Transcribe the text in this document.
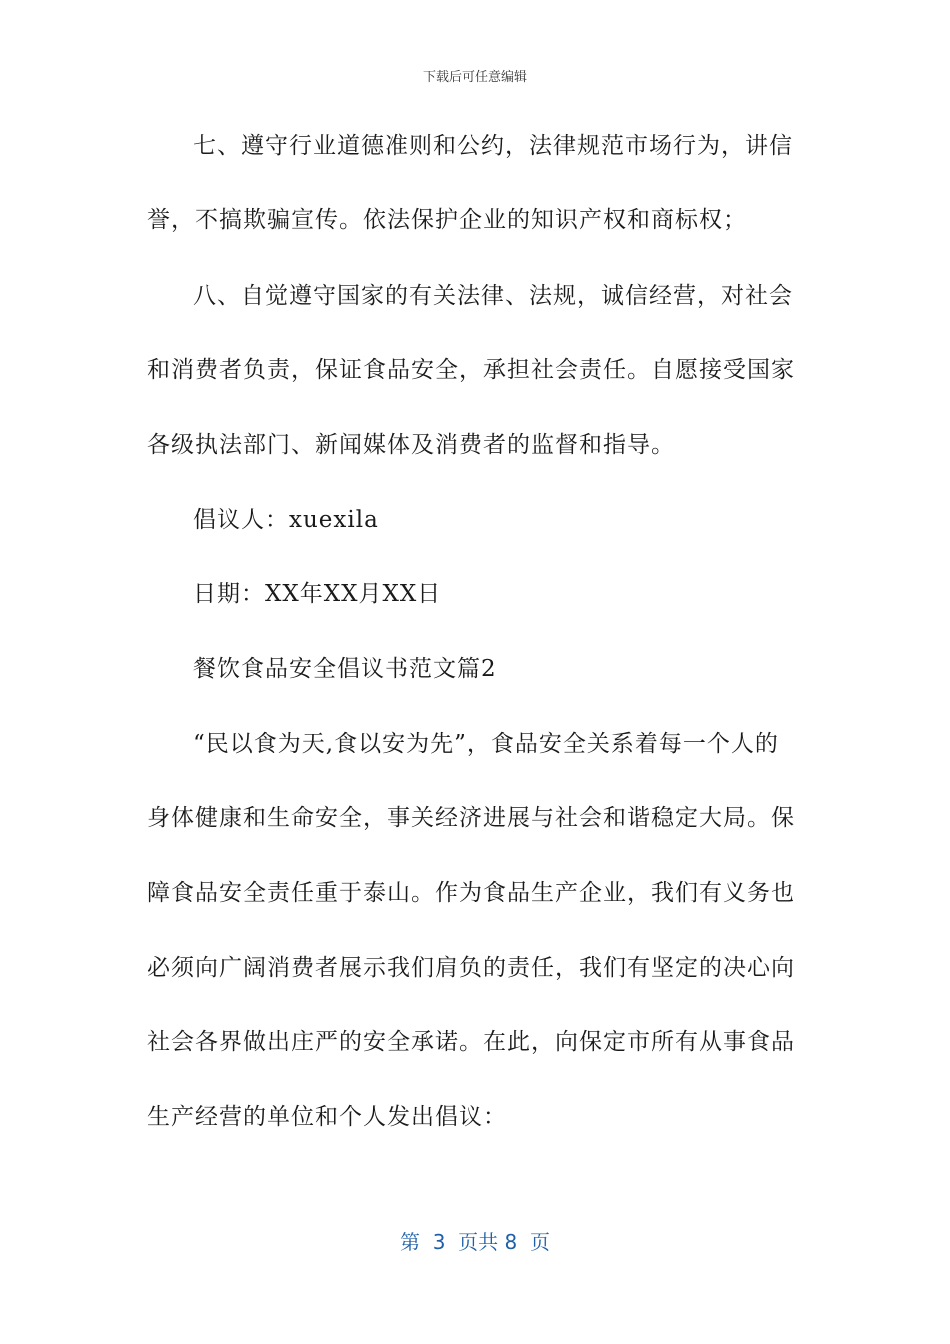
下载后可任意编辑
七、遵守行业道德准则和公约，法律规范市场行为，讲信
誉，不搞欺骗宣传。依法保护企业的知识产权和商标权；
八、自觉遵守国家的有关法律、法规，诚信经营，对社会
和消费者负责，保证食品安全，承担社会责任。自愿接受国家
各级执法部门、新闻媒体及消费者的监督和指导。
倡议人：xuexila
日期：XX年XX月XX日
餐饮食品安全倡议书范文篇2
“民以食为天,食以安为先”，食品安全关系着每一个人的
身体健康和生命安全，事关经济进展与社会和谐稳定大局。保
障食品安全责任重于泰山。作为食品生产企业，我们有义务也
必须向广阔消费者展示我们肩负的责任，我们有坚定的决心向
社会各界做出庄严的安全承诺。在此，向保定市所有从事食品
生产经营的单位和个人发出倡议：
第  3  页共 8  页
